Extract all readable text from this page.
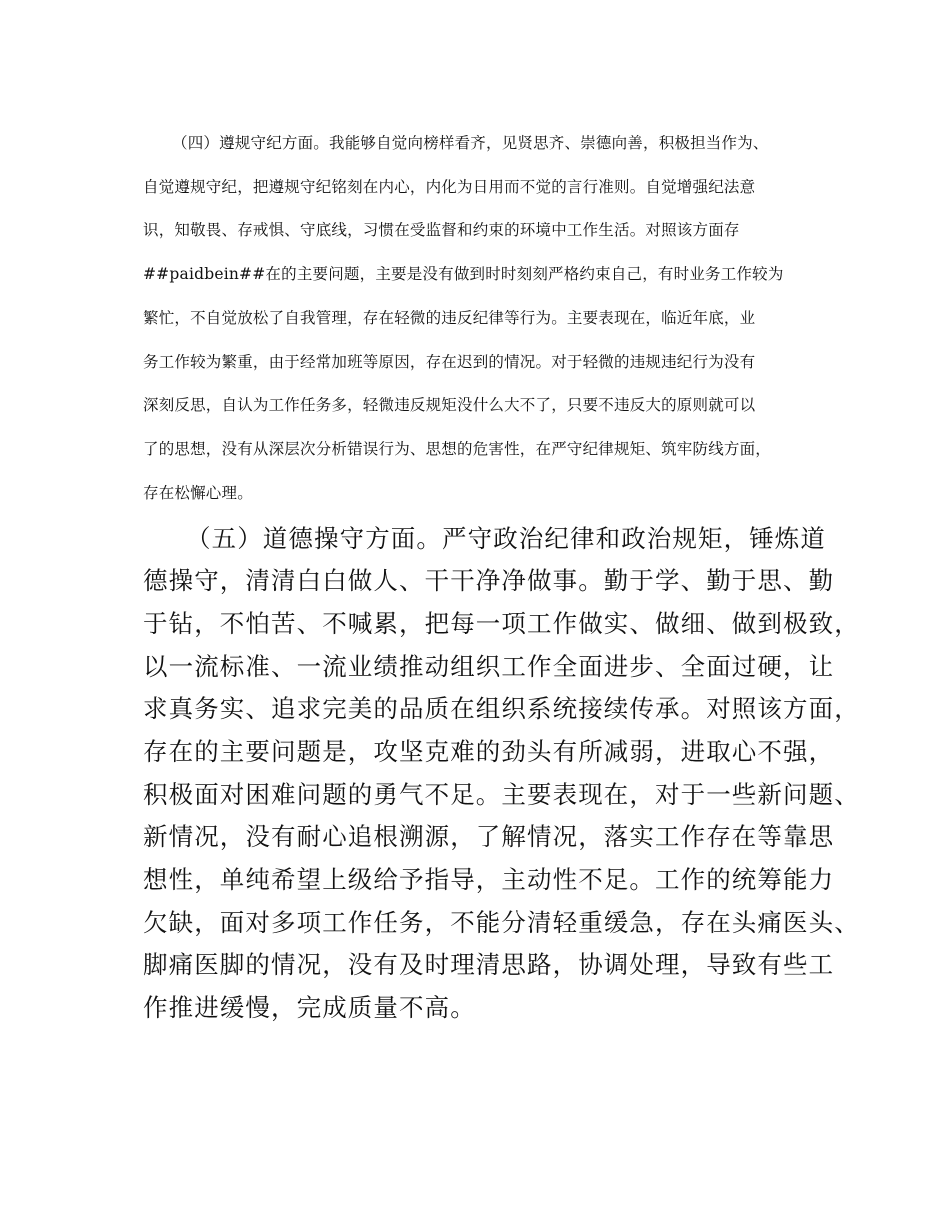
（四）遵规守纪方面。我能够自觉向榜样看齐，见贤思齐、崇德向善，积极担当作为、

自觉遵规守纪，把遵规守纪铭刻在内心，内化为日用而不觉的言行准则。自觉增强纪法意

识，知敬畏、存戒惧、守底线，习惯在受监督和约束的环境中工作生活。对照该方面存

##paidbein##在的主要问题，主要是没有做到时时刻刻严格约束自己，有时业务工作较为

繁忙，不自觉放松了自我管理，存在轻微的违反纪律等行为。主要表现在，临近年底，业

务工作较为繁重，由于经常加班等原因，存在迟到的情况。对于轻微的违规违纪行为没有

深刻反思，自认为工作任务多，轻微违反规矩没什么大不了，只要不违反大的原则就可以

了的思想，没有从深层次分析错误行为、思想的危害性，在严守纪律规矩、筑牢防线方面，

存在松懈心理。

（五）道德操守方面。严守政治纪律和政治规矩，锤炼道

德操守，清清白白做人、干干净净做事。勤于学、勤于思、勤

于钻，不怕苦、不喊累，把每一项工作做实、做细、做到极致，

以一流标准、一流业绩推动组织工作全面进步、全面过硬，让

求真务实、追求完美的品质在组织系统接续传承。对照该方面，

存在的主要问题是，攻坚克难的劲头有所减弱，进取心不强，

积极面对困难问题的勇气不足。主要表现在，对于一些新问题、

新情况，没有耐心追根溯源，了解情况，落实工作存在等靠思

想性，单纯希望上级给予指导，主动性不足。工作的统筹能力

欠缺，面对多项工作任务，不能分清轻重缓急，存在头痛医头、

脚痛医脚的情况，没有及时理清思路，协调处理，导致有些工

作推进缓慢，完成质量不高。
